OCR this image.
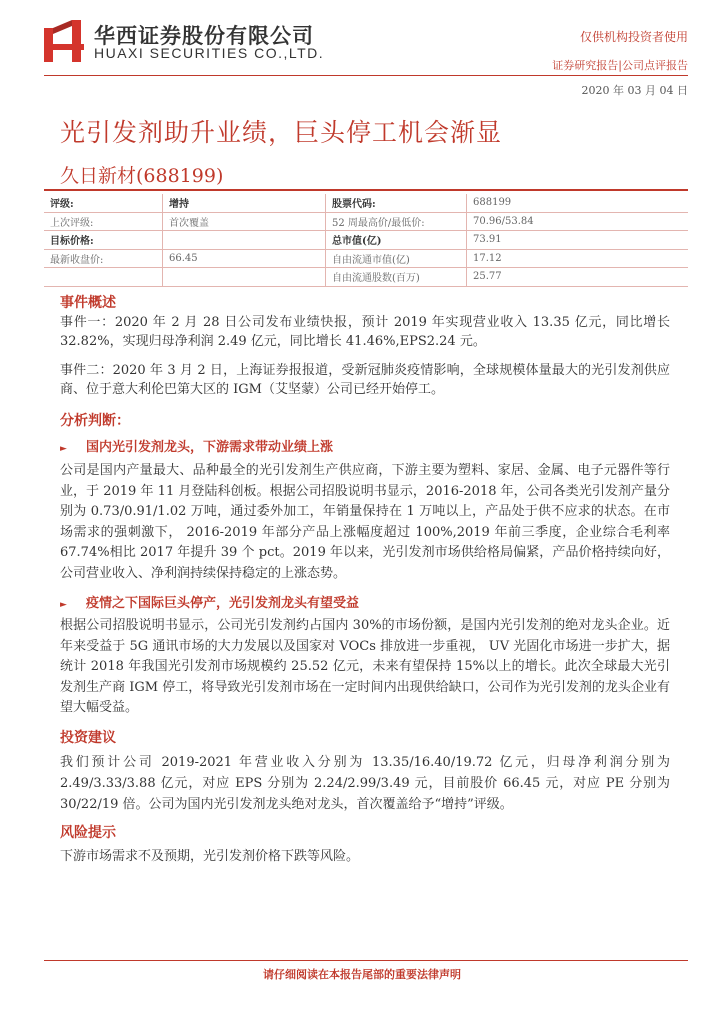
华西证券股份有限公司
HUAXI SECURITIES CO.,LTD.
仅供机构投资者使用
证券研究报告|公司点评报告
2020 年 03 月 04 日
光引发剂助升业绩，巨头停工机会渐显
久日新材(688199)
评级:	增持	股票代码:	688199
上次评级:	首次覆盖	52 周最高价/最低价:	70.96/53.84
目标价格:		总市值(亿)	73.91
最新收盘价:	66.45	自由流通市值(亿)	17.12
		自由流通股数(百万)	25.77
事件概述
事件一：2020 年 2 月 28 日公司发布业绩快报，预计 2019 年实现营业收入 13.35 亿元，同比增长 32.82%，实现归母净利润 2.49 亿元，同比增长 41.46%,EPS2.24 元。
事件二：2020 年 3 月 2 日，上海证券报报道，受新冠肺炎疫情影响，全球规模体量最大的光引发剂供应商、位于意大利伦巴第大区的 IGM（艾坚蒙）公司已经开始停工。
分析判断：
► 国内光引发剂龙头，下游需求带动业绩上涨
公司是国内产量最大、品种最全的光引发剂生产供应商，下游主要为塑料、家居、金属、电子元器件等行业，于 2019 年 11 月登陆科创板。根据公司招股说明书显示，2016-2018 年，公司各类光引发剂产量分别为 0.73/0.91/1.02 万吨，通过委外加工，年销量保持在 1 万吨以上，产品处于供不应求的状态。在市场需求的强刺激下， 2016-2019 年部分产品上涨幅度超过 100%,2019 年前三季度，企业综合毛利率 67.74%相比 2017 年提升 39 个 pct。2019 年以来，光引发剂市场供给格局偏紧，产品价格持续向好，公司营业收入、净利润持续保持稳定的上涨态势。
► 疫情之下国际巨头停产，光引发剂龙头有望受益
根据公司招股说明书显示，公司光引发剂约占国内 30%的市场份额，是国内光引发剂的绝对龙头企业。近年来受益于 5G 通讯市场的大力发展以及国家对 VOCs 排放进一步重视， UV 光固化市场进一步扩大，据统计 2018 年我国光引发剂市场规模约 25.52 亿元，未来有望保持 15%以上的增长。此次全球最大光引发剂生产商 IGM 停工，将导致光引发剂市场在一定时间内出现供给缺口，公司作为光引发剂的龙头企业有望大幅受益。
投资建议
我们预计公司 2019-2021 年营业收入分别为 13.35/16.40/19.72 亿元，归母净利润分别为 2.49/3.33/3.88 亿元，对应 EPS 分别为 2.24/2.99/3.49 元，目前股价 66.45 元，对应 PE 分别为 30/22/19 倍。公司为国内光引发剂龙头绝对龙头，首次覆盖给予“增持”评级。
风险提示
下游市场需求不及预期，光引发剂价格下跌等风险。
请仔细阅读在本报告尾部的重要法律声明
